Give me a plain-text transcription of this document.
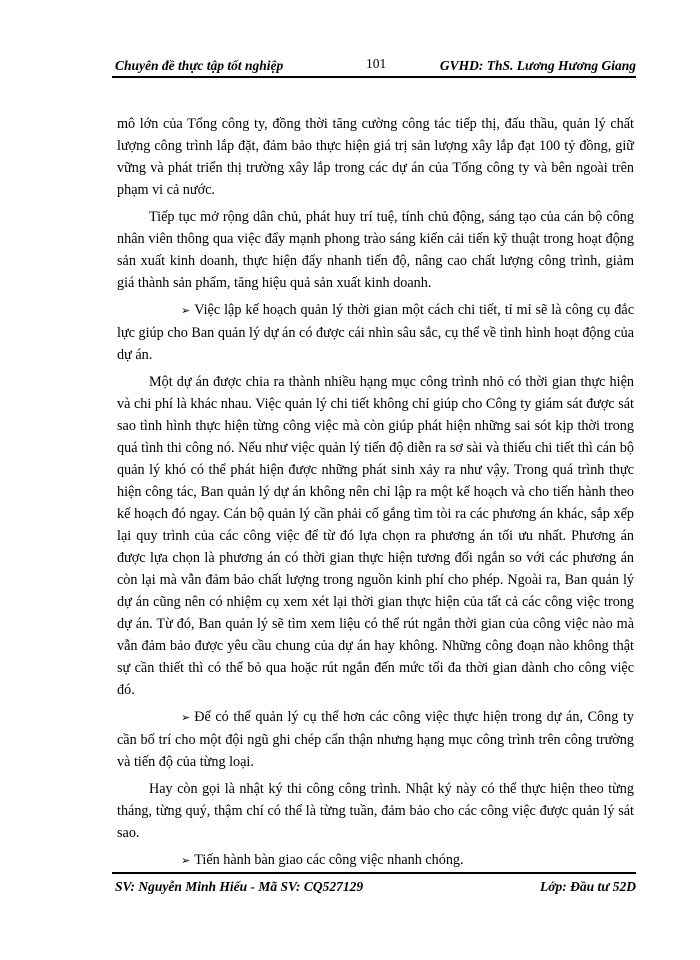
Chuyên đề thực tập tốt nghiệp	101	GVHD: ThS. Lương Hương Giang

mô lớn của Tổng công ty, đồng thời tăng cường công tác tiếp thị, đấu thầu, quản lý chất lượng công trình lắp đặt, đảm bảo thực hiện giá trị sản lượng xây lắp đạt 100 tỷ đồng, giữ vững và phát triển thị trường xây lắp trong các dự án của Tổng công ty và bên ngoài trên phạm vi cả nước.

Tiếp tục mở rộng dân chủ, phát huy trí tuệ, tính chủ động, sáng tạo của cán bộ công nhân viên thông qua việc đẩy mạnh phong trào sáng kiến cải tiến kỹ thuật trong hoạt động sản xuất kinh doanh, thực hiện đẩy nhanh tiến độ, nâng cao chất lượng công trình, giảm giá thành sản phẩm, tăng hiệu quả sản xuất kinh doanh.

➢ Việc lập kế hoạch quản lý thời gian một cách chi tiết, tỉ mỉ sẽ là công cụ đắc lực giúp cho Ban quản lý dự án có được cái nhìn sâu sắc, cụ thể về tình hình hoạt động của dự án.

Một dự án được chia ra thành nhiều hạng mục công trình nhỏ có thời gian thực hiện và chi phí là khác nhau. Việc quản lý chi tiết không chỉ giúp cho Công ty giám sát được sát sao tình hình thực hiện từng công việc mà còn giúp phát hiện những sai sót kịp thời trong quá tình thi công nó. Nếu như việc quản lý tiến độ diễn ra sơ sài và thiếu chi tiết thì cán bộ quản lý khó có thể phát hiện được những phát sinh xảy ra như vậy. Trong quá trình thực hiện công tác, Ban quản lý dự án không nên chỉ lập ra một kế hoạch và cho tiến hành theo kế hoạch đó ngay. Cán bộ quản lý cần phải cố gắng tìm tòi ra các phương án khác, sắp xếp lại quy trình của các công việc để từ đó lựa chọn ra phương án tối ưu nhất. Phương án được lựa chọn là phương án có thời gian thực hiện tương đối ngắn so với các phương án còn lại mà vẫn đảm bảo chất lượng trong nguồn kinh phí cho phép. Ngoài ra, Ban quản lý dự án cũng nên có nhiệm cụ xem xét lại thời gian thực hiện của tất cả các công việc trong dự án. Từ đó, Ban quản lý sẽ tìm xem liệu có thể rút ngắn thời gian của công việc nào mà vẫn đảm bảo được yêu cầu chung của dự án hay không. Những công đoạn nào không thật sự cần thiết thì có thể bỏ qua hoặc rút ngắn đến mức tối đa thời gian dành cho công việc đó.

➢ Để có thể quản lý cụ thể hơn các công việc thực hiện trong dự án, Công ty cần bố trí cho một đội ngũ ghi chép cẩn thận nhưng hạng mục công trình trên công trường và tiến độ của từng loại.

Hay còn gọi là nhật ký thi công công trình. Nhật ký này có thể thực hiện theo từng tháng, từng quý, thậm chí có thể là từng tuần, đảm bảo cho các công việc được quản lý sát sao.

➢ Tiến hành bàn giao các công việc nhanh chóng.

SV: Nguyễn Minh Hiếu - Mã SV: CQ527129	Lớp: Đầu tư 52D
